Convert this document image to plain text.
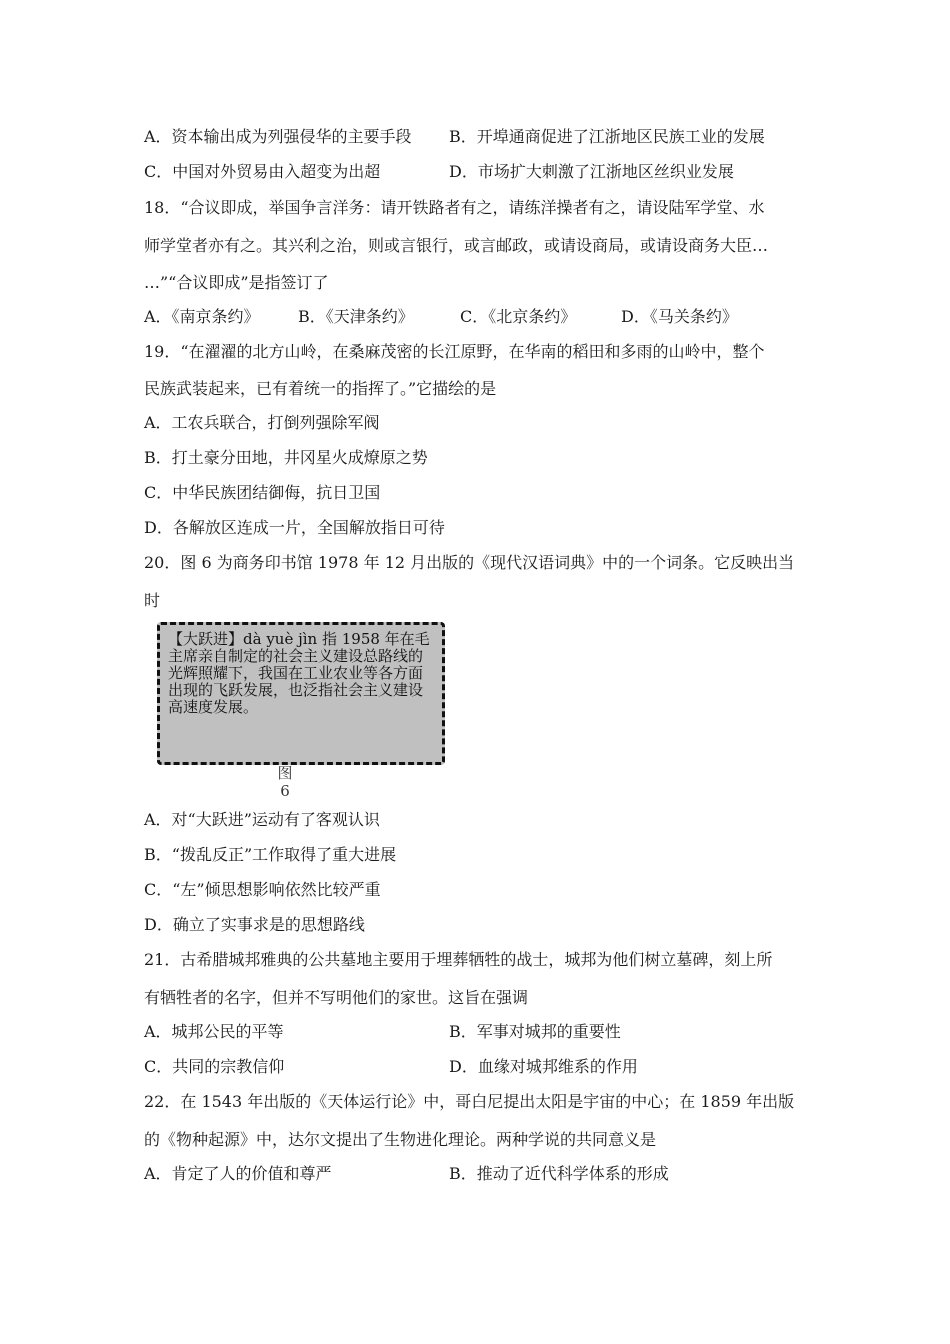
A．资本输出成为列强侵华的主要手段 B．开埠通商促进了江浙地区民族工业的发展
C．中国对外贸易由入超变为出超	D．市场扩大刺激了江浙地区丝织业发展
18．“合议即成，举国争言洋务：请开铁路者有之，请练洋操者有之，请设陆军学堂、水
师学堂者亦有之。其兴利之治，则或言银行，或言邮政，或请设商局，或请设商务大臣…
…”“合议即成”是指签订了
A．《南京条约》 B．《天津条约》	C．《北京条约》	D．《马关条约》
19．“在濯濯的北方山岭，在桑麻茂密的长江原野，在华南的稻田和多雨的山岭中，整个
民族武装起来，已有着统一的指挥了。”它描绘的是
A．工农兵联合，打倒列强除军阀
B．打土豪分田地，井冈星火成燎原之势
C．中华民族团结御侮，抗日卫国
D．各解放区连成一片，全国解放指日可待
20．图 6 为商务印书馆 1978 年 12 月出版的《现代汉语词典》中的一个词条。它反映出当
时
【大跃进】dà yuè jìn 指 1958 年在毛主席亲自制定的社会主义建设总路线的光辉照耀下，我国在工业农业等各方面出现的飞跃发展，也泛指社会主义建设高速度发展。
图
6
A．对“大跃进”运动有了客观认识
B．“拨乱反正”工作取得了重大进展
C．“左”倾思想影响依然比较严重
D．确立了实事求是的思想路线
21．古希腊城邦雅典的公共墓地主要用于埋葬牺牲的战士，城邦为他们树立墓碑，刻上所
有牺牲者的名字，但并不写明他们的家世。这旨在强调
A．城邦公民的平等	B．军事对城邦的重要性
C．共同的宗教信仰	D．血缘对城邦维系的作用
22．在 1543 年出版的《天体运行论》中，哥白尼提出太阳是宇宙的中心；在 1859 年出版
的《物种起源》中，达尔文提出了生物进化理论。两种学说的共同意义是
A．肯定了人的价值和尊严	B．推动了近代科学体系的形成
